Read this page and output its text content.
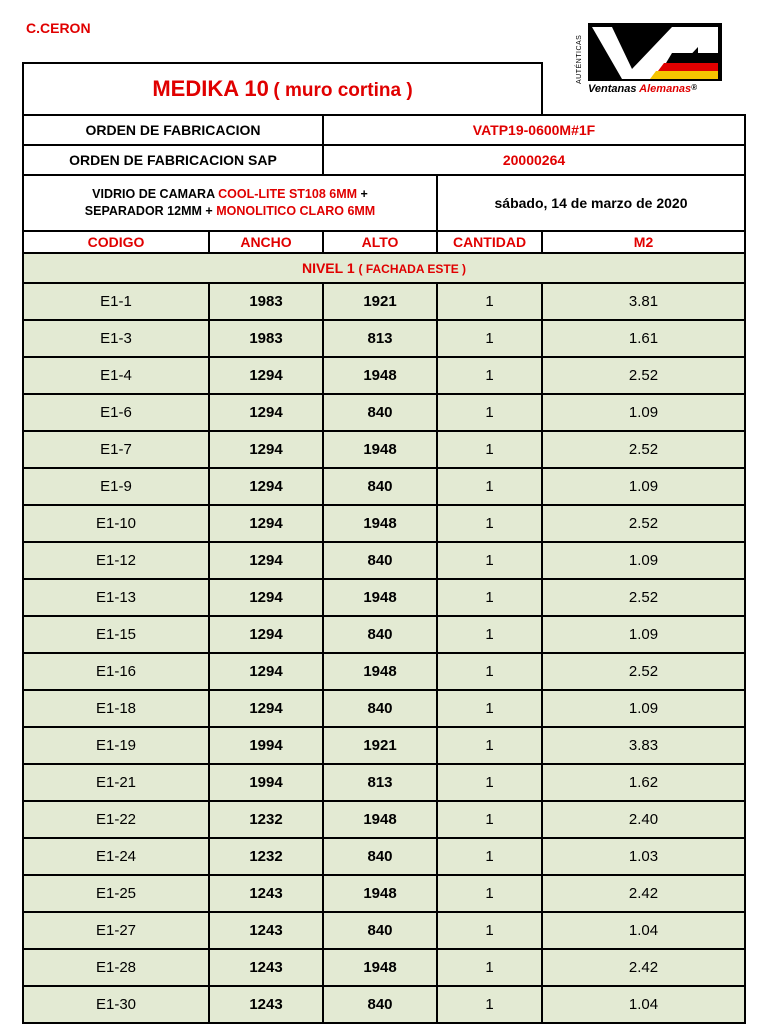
C.CERON
AUTÉNTICAS
Ventanas Alemanas®
MEDIKA 10 ( muro cortina )				
ORDEN DE FABRICACION		VATP19-0600M#1F		
ORDEN DE FABRICACION SAP		20000264		

VIDRIO DE CAMARA COOL-LITE ST108 6MM +
SEPARADOR 12MM + MONOLITICO CLARO 6MM			sábado, 14 de marzo de 2020	
CODIGO	ANCHO	ALTO	CANTIDAD	M2
NIVEL 1 ( FACHADA ESTE )				
E1-1	1983	1921	1	3.81
E1-3	1983	813	1	1.61
E1-4	1294	1948	1	2.52
E1-6	1294	840	1	1.09
E1-7	1294	1948	1	2.52
E1-9	1294	840	1	1.09
E1-10	1294	1948	1	2.52
E1-12	1294	840	1	1.09
E1-13	1294	1948	1	2.52
E1-15	1294	840	1	1.09
E1-16	1294	1948	1	2.52
E1-18	1294	840	1	1.09
E1-19	1994	1921	1	3.83
E1-21	1994	813	1	1.62
E1-22	1232	1948	1	2.40
E1-24	1232	840	1	1.03
E1-25	1243	1948	1	2.42
E1-27	1243	840	1	1.04
E1-28	1243	1948	1	2.42
E1-30	1243	840	1	1.04
